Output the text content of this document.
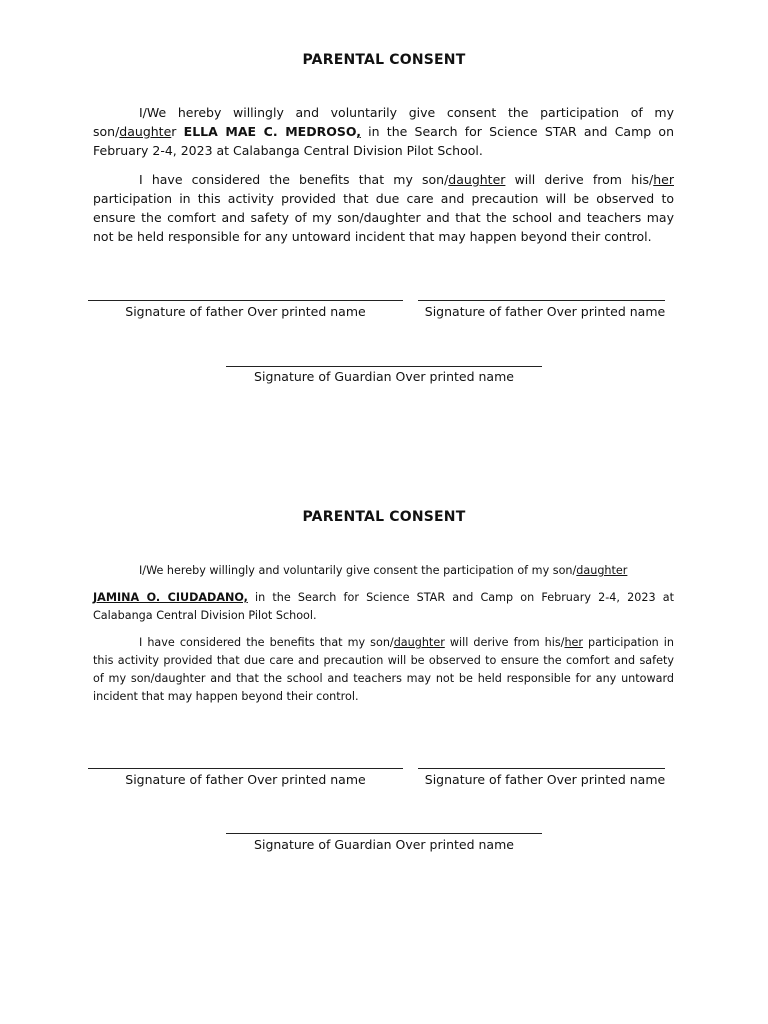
PARENTAL CONSENT
I/We hereby willingly and voluntarily give consent the participation of my son/daughter ELLA MAE C. MEDROSO, in the Search for Science STAR and Camp on February 2-4, 2023 at Calabanga Central Division Pilot School.
I have considered the benefits that my son/daughter will derive from his/her participation in this activity provided that due care and precaution will be observed to ensure the comfort and safety of my son/daughter and that the school and teachers may not be held responsible for any untoward incident that may happen beyond their control.
Signature of father Over printed name	Signature of father Over printed name
Signature of Guardian Over printed name
PARENTAL CONSENT
I/We hereby willingly and voluntarily give consent the participation of my son/daughter
JAMINA O. CIUDADANO, in the Search for Science STAR and Camp on February 2-4, 2023 at Calabanga Central Division Pilot School.
I have considered the benefits that my son/daughter will derive from his/her participation in this activity provided that due care and precaution will be observed to ensure the comfort and safety of my son/daughter and that the school and teachers may not be held responsible for any untoward incident that may happen beyond their control.
Signature of father Over printed name	Signature of father Over printed name
Signature of Guardian Over printed name
